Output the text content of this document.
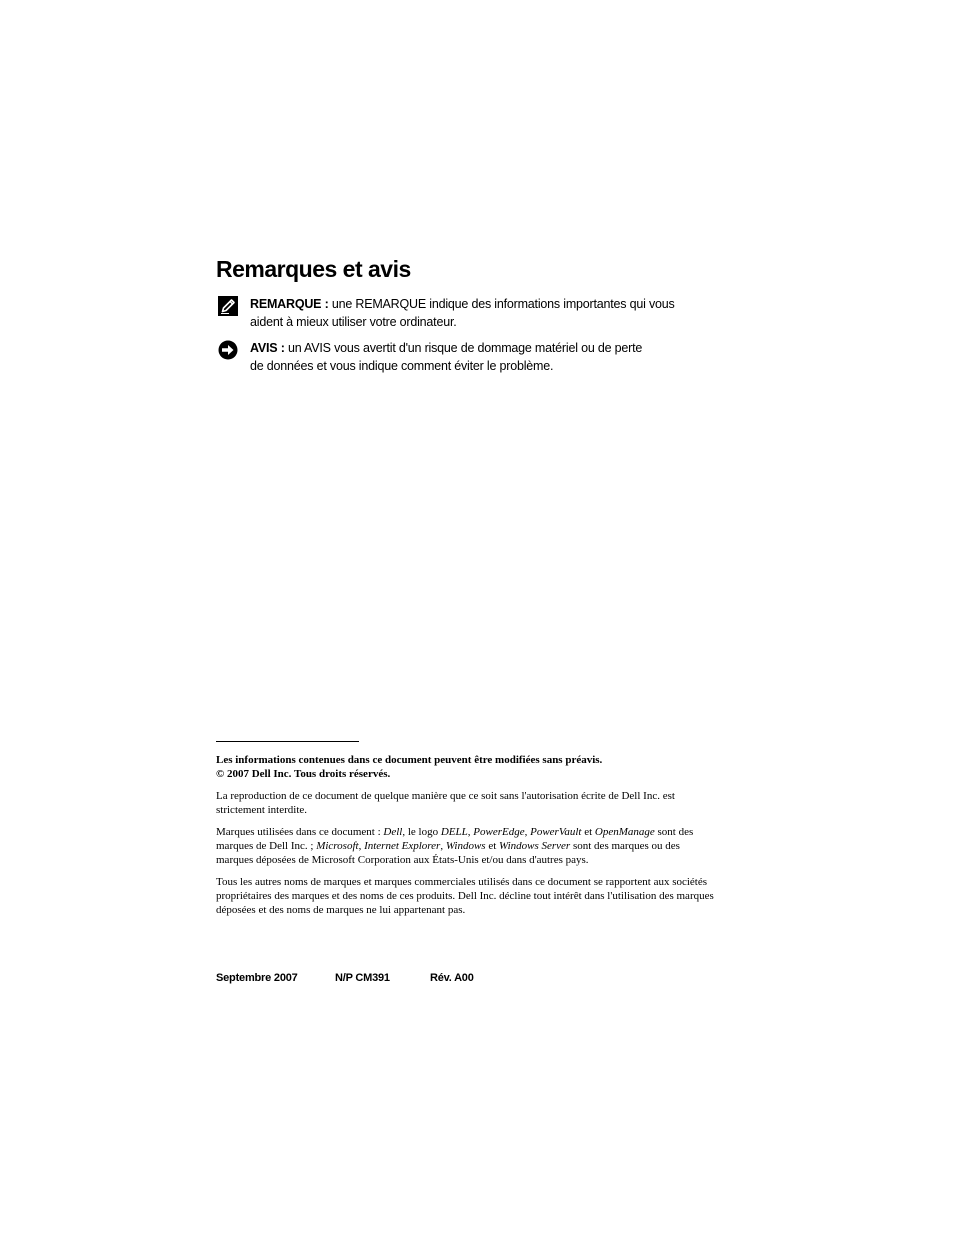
Remarques et avis
REMARQUE : une REMARQUE indique des informations importantes qui vous
aident à mieux utiliser votre ordinateur.
AVIS : un AVIS vous avertit d'un risque de dommage matériel ou de perte
de données et vous indique comment éviter le problème.

Les informations contenues dans ce document peuvent être modifiées sans préavis.
© 2007 Dell Inc. Tous droits réservés.

La reproduction de ce document de quelque manière que ce soit sans l'autorisation écrite de Dell Inc. est strictement interdite.

Marques utilisées dans ce document : Dell, le logo DELL, PowerEdge, PowerVault et OpenManage sont des marques de Dell Inc. ; Microsoft, Internet Explorer, Windows et Windows Server sont des marques ou des marques déposées de Microsoft Corporation aux États-Unis et/ou dans d'autres pays.

Tous les autres noms de marques et marques commerciales utilisés dans ce document se rapportent aux sociétés propriétaires des marques et des noms de ces produits. Dell Inc. décline tout intérêt dans l'utilisation des marques déposées et des noms de marques ne lui appartenant pas.

Septembre 2007	N/P CM391	Rév. A00
